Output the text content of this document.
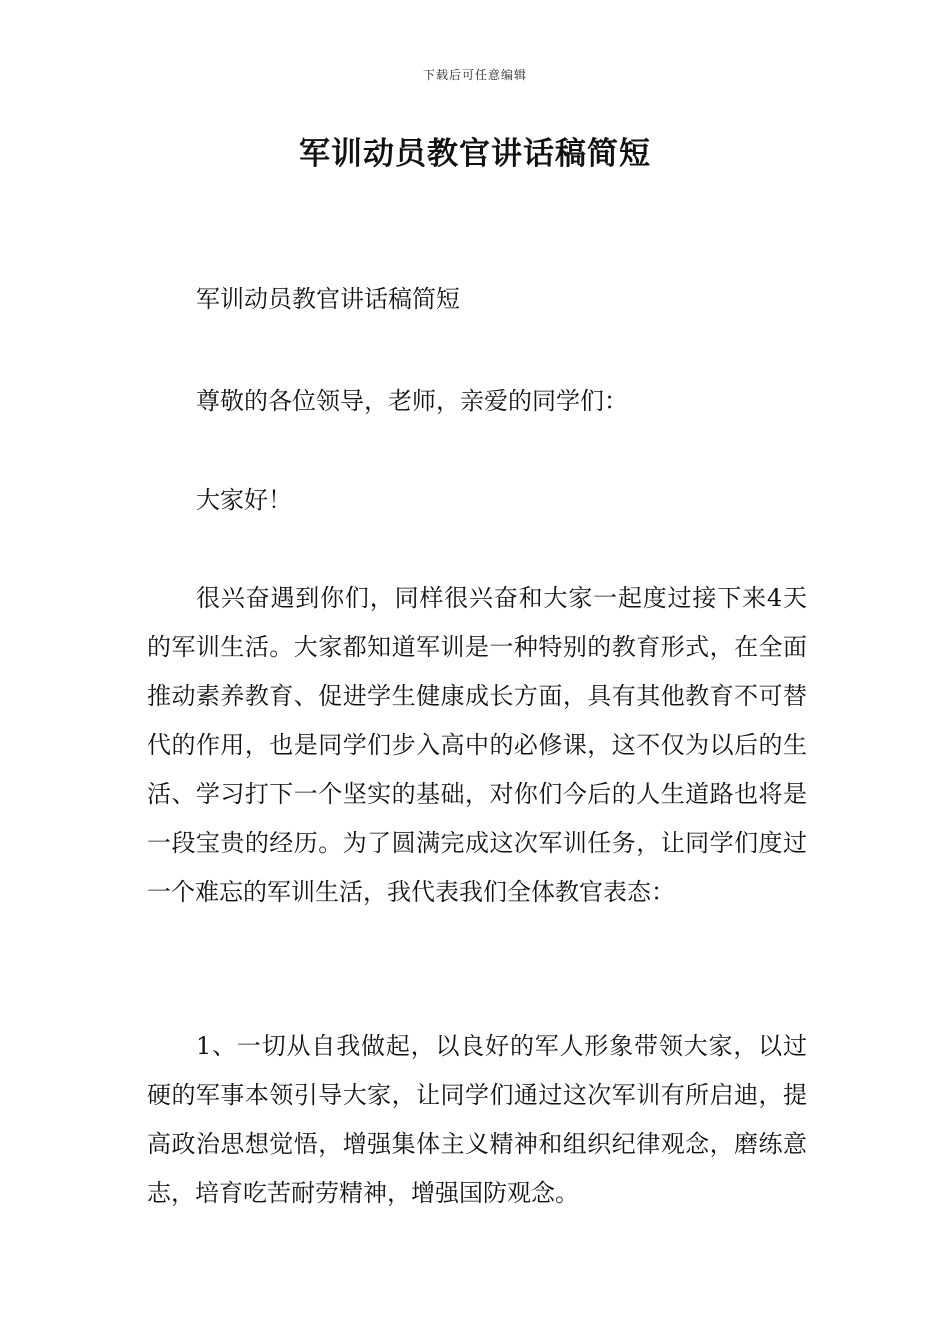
下载后可任意编辑
军训动员教官讲话稿简短

军训动员教官讲话稿简短

尊敬的各位领导，老师，亲爱的同学们：

大家好！

很兴奋遇到你们，同样很兴奋和大家一起度过接下来4天的军训生活。大家都知道军训是一种特别的教育形式，在全面推动素养教育、促进学生健康成长方面，具有其他教育不可替代的作用，也是同学们步入高中的必修课，这不仅为以后的生活、学习打下一个坚实的基础，对你们今后的人生道路也将是一段宝贵的经历。为了圆满完成这次军训任务，让同学们度过一个难忘的军训生活，我代表我们全体教官表态：

1、一切从自我做起，以良好的军人形象带领大家，以过硬的军事本领引导大家，让同学们通过这次军训有所启迪，提高政治思想觉悟，增强集体主义精神和组织纪律观念，磨练意志，培育吃苦耐劳精神，增强国防观念。
